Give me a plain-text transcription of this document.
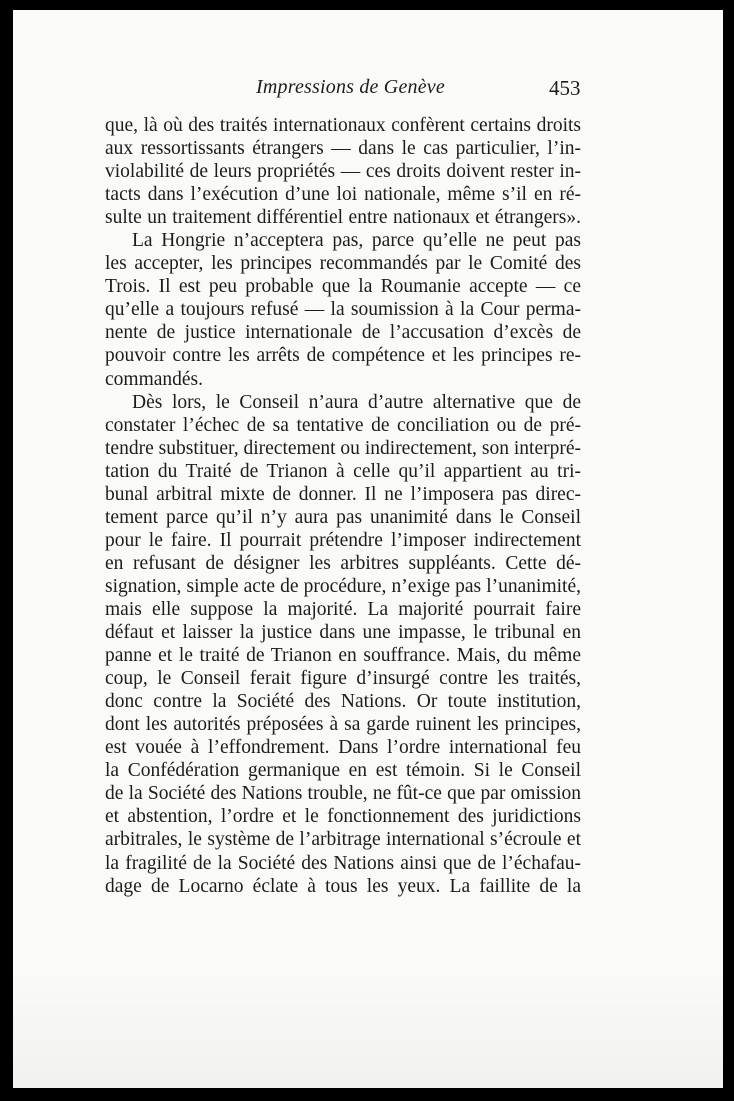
Impressions de Genève	453
que, là où des traités internationaux confèrent certains droits
aux ressortissants étrangers — dans le cas particulier, l’in-
violabilité de leurs propriétés — ces droits doivent rester in-
tacts dans l’exécution d’une loi nationale, même s’il en ré-
sulte un traitement différentiel entre nationaux et étrangers».
La Hongrie n’acceptera pas, parce qu’elle ne peut pas
les accepter, les principes recommandés par le Comité des
Trois. Il est peu probable que la Roumanie accepte — ce
qu’elle a toujours refusé — la soumission à la Cour perma-
nente de justice internationale de l’accusation d’excès de
pouvoir contre les arrêts de compétence et les principes re-
commandés.
Dès lors, le Conseil n’aura d’autre alternative que de
constater l’échec de sa tentative de conciliation ou de pré-
tendre substituer, directement ou indirectement, son interpré-
tation du Traité de Trianon à celle qu’il appartient au tri-
bunal arbitral mixte de donner. Il ne l’imposera pas direc-
tement parce qu’il n’y aura pas unanimité dans le Conseil
pour le faire. Il pourrait prétendre l’imposer indirectement
en refusant de désigner les arbitres suppléants. Cette dé-
signation, simple acte de procédure, n’exige pas l’unanimité,
mais elle suppose la majorité. La majorité pourrait faire
défaut et laisser la justice dans une impasse, le tribunal en
panne et le traité de Trianon en souffrance. Mais, du même
coup, le Conseil ferait figure d’insurgé contre les traités,
donc contre la Société des Nations. Or toute institution,
dont les autorités préposées à sa garde ruinent les principes,
est vouée à l’effondrement. Dans l’ordre international feu
la Confédération germanique en est témoin. Si le Conseil
de la Société des Nations trouble, ne fût-ce que par omission
et abstention, l’ordre et le fonctionnement des juridictions
arbitrales, le système de l’arbitrage international s’écroule et
la fragilité de la Société des Nations ainsi que de l’échafau-
dage de Locarno éclate à tous les yeux. La faillite de la
